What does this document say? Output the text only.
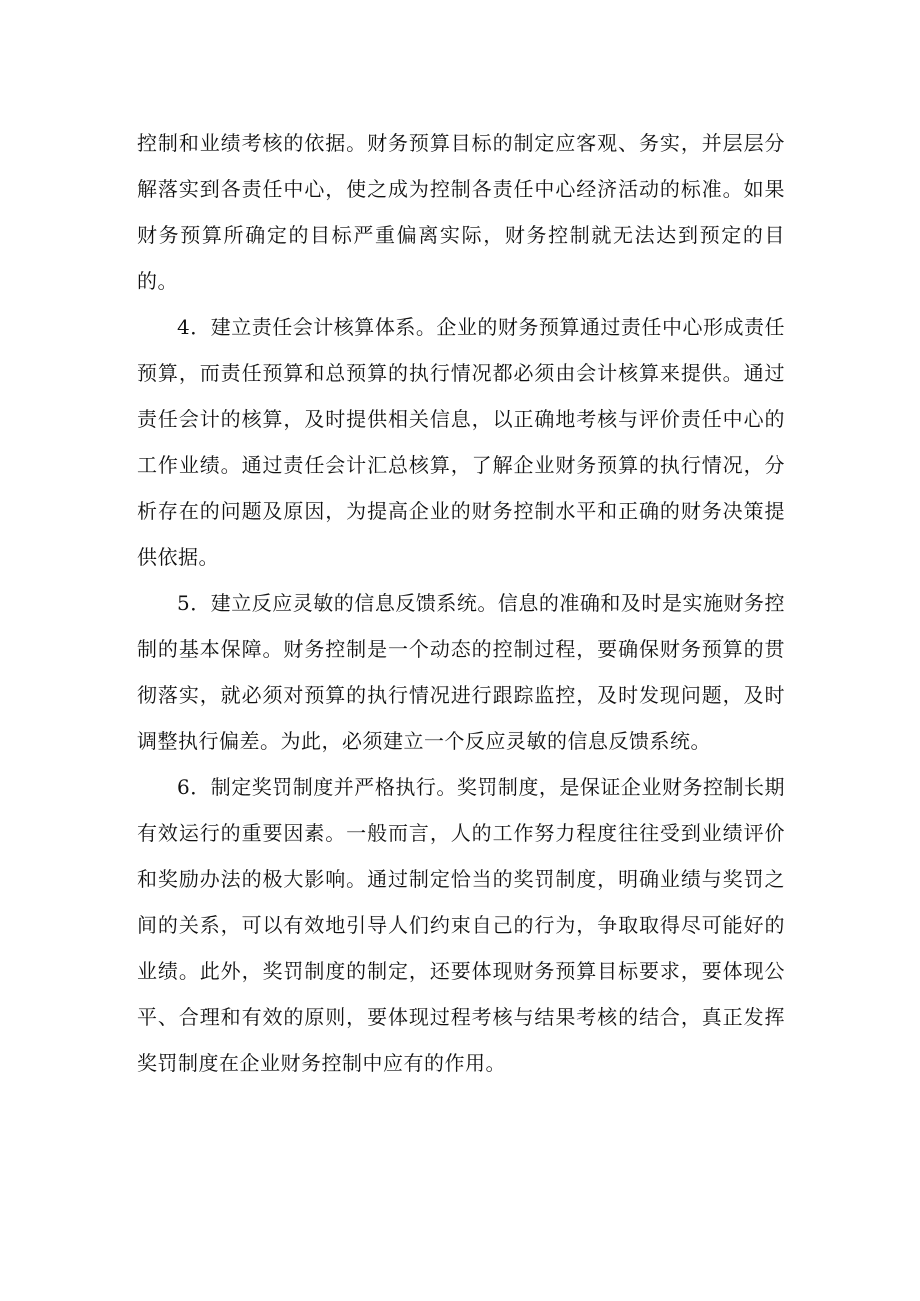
控制和业绩考核的依据。财务预算目标的制定应客观、务实，并层层分解落实到各责任中心，使之成为控制各责任中心经济活动的标准。如果财务预算所确定的目标严重偏离实际，财务控制就无法达到预定的目的。

4．建立责任会计核算体系。企业的财务预算通过责任中心形成责任预算，而责任预算和总预算的执行情况都必须由会计核算来提供。通过责任会计的核算，及时提供相关信息，以正确地考核与评价责任中心的工作业绩。通过责任会计汇总核算，了解企业财务预算的执行情况，分析存在的问题及原因，为提高企业的财务控制水平和正确的财务决策提供依据。

5．建立反应灵敏的信息反馈系统。信息的准确和及时是实施财务控制的基本保障。财务控制是一个动态的控制过程，要确保财务预算的贯彻落实，就必须对预算的执行情况进行跟踪监控，及时发现问题，及时调整执行偏差。为此，必须建立一个反应灵敏的信息反馈系统。

6．制定奖罚制度并严格执行。奖罚制度，是保证企业财务控制长期有效运行的重要因素。一般而言，人的工作努力程度往往受到业绩评价和奖励办法的极大影响。通过制定恰当的奖罚制度，明确业绩与奖罚之间的关系，可以有效地引导人们约束自己的行为，争取取得尽可能好的业绩。此外，奖罚制度的制定，还要体现财务预算目标要求，要体现公平、合理和有效的原则，要体现过程考核与结果考核的结合，真正发挥奖罚制度在企业财务控制中应有的作用。
